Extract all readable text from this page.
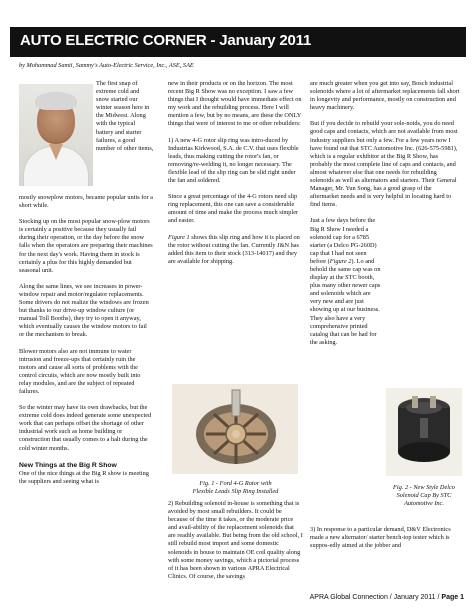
AUTO ELECTRIC CORNER - January 2011
by Mohammad Samii, Sammy's Auto-Electric Service, Inc., ASE, SAE
The first snap of extreme cold and snow started our winter season here in the Midwest. Along with the typical battery and starter failures, a good number of other items,

mostly snowplow motors, became popular units for a short while.

Stocking up on the most popular snow-plow motors is certainly a positive because they usually fail during their operation, or the day before the snow falls when the operators are preparing their machines for the next day's work. Having them in stock is certainly a plus for this highly demanded but seasonal unit.

Along the same lines, we see increases in power-window repair and motor/regulator replacements. Some drivers do not realize the windows are frozen but thanks to our drive-up window culture (or manual Toll Booths), they try to open it anyway, which eventually causes the window motors to fail or the mechanism to break.

Blower motors also are not immune to water intrusion and freeze-ups that certainly ruin the motors and cause all sorts of problems with the control circuits, which are now mostly built into relay modules, and are the subject of repeated failures.

So the winter may have its own drawbacks, but the extreme cold does indeed generate some unexpected work that can perhaps offset the shortage of other industrial work such as home building or construction that usually comes to a halt during the cold winter months.

New Things at the Big R Show

One of the nice things at the Big R show is meeting the suppliers and seeing what is

new in their products or on the horizon. The most recent Big R Show was no exception. I saw a few things that I thought would have immediate effect on my work and the rebuilding process. Here I will mention a few, but by no means, are these the ONLY things that were of interest to me or other rebuilders:

1) A new 4-G rotor slip ring was intro-duced by Industrias Kirkwood, S.A. de C.V. that uses flexible leads, thus making cutting the rotor's fan, or removing/re-welding it, no longer necessary. The flexible lead of the slip ring can be slid right under the fan and soldered.

Since a great percentage of the 4-G rotors need slip ring replacement, this one can save a considerable amount of time and make the process much simpler and easier.

Figure 1 shows this slip ring and how it is placed on the rotor without cutting the fan. Currently J&N has added this item to their stock (313-14017) and they are available for shipping.

Fig. 1 - Ford 4-G Rotor with
Flexible Leads Slip Ring Installed

2) Rebuilding solenoid in-house is something that is avoided by most small rebuilders. It could be because of the time it takes, or the moderate price and avail-ability of the replacement solenoids that are readily available. But being from the old school, I still rebuild most import and some domestic solenoids in house to maintain OE coil quality along with some money savings, which a pictorial process of it has been shown in various APRA Electrical Clinics. Of course, the savings

are much greater when you get into say, Bosch industrial solenoids where a lot of aftermarket replacements fall short in longevity and performance, mostly on construction and heavy machinery.

But if you decide to rebuild your sole-noids, you do need good caps and contacts, which are not available from most industry suppliers but only a few. For a few years now I have found out that STC Automotive Inc. (626-575-5981), which is a regular exhibitor at the Big R Show, has probably the most complete line of caps and contacts, and almost whatever else that one needs for rebuilding solenoids as well as alternators and starters. Their General Manager, Mr. Yun Song, has a good grasp of the aftermarket needs and is very helpful in locating hard to find items.

Just a few days before the Big R Show I needed a solenoid cap for a 6785 starter (a Delco PG-260D) cap that I had not seen before (Figure 2). Lo and behold the same cap was on display at the STC booth, plus many other newer caps and solenoids which are very new and are just showing up at our business. They also have a very comprehensive printed catalog that can be had for the asking.

Fig. 2 - New Style Delco
Solenoid Cap By STC
Automotive Inc.

3) In response to a particular demand, D&V Electronics made a new alternator/ starter bench-top tester which is suppos-edly aimed at the jobber and

APRA Global Connection / January 2011 / Page 1
